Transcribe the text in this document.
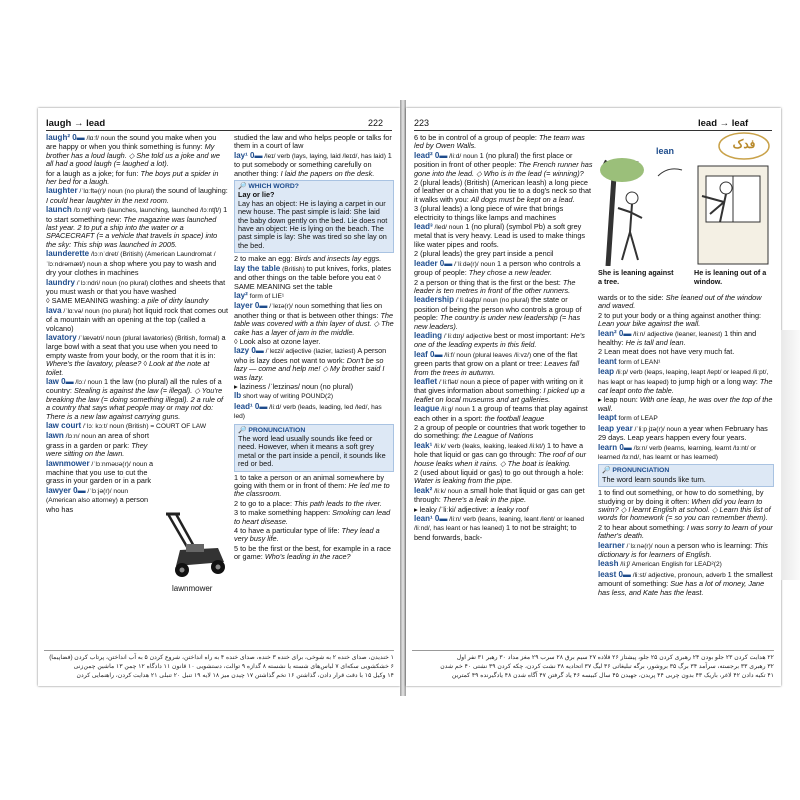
laugh → lead	222

laugh² 0▬ /lɑːf/ noun the sound you make when you are happy or when you think something is funny: My brother has a loud laugh. ◇ She told us a joke and we all had a good laugh (= laughed a lot).

for a laugh as a joke; for fun: The boys put a spider in her bed for a laugh.

laughter /ˈlɑːftə(r)/ noun (no plural) the sound of laughing: I could hear laughter in the next room.

launch /lɔːntʃ/ verb (launches, launching, launched /lɔːntʃt/) 1 to start something new: The magazine was launched last year. 2 to put a ship into the water or a SPACECRAFT (= a vehicle that travels in space) into the sky: This ship was launched in 2005.

launderette /lɔːnˈdret/ (British) (American Laundromat /ˈlɔːndrəmæt/) noun a shop where you pay to wash and dry your clothes in machines

laundry /ˈlɔːndri/ noun (no plural) clothes and sheets that you must wash or that you have washed

◊ SAME MEANING washing: a pile of dirty laundry

lava /ˈlɑːvə/ noun (no plural) hot liquid rock that comes out of a mountain with an opening at the top (called a volcano)

lavatory /ˈlævətri/ noun (plural lavatories) (British, formal) a large bowl with a seat that you use when you need to empty waste from your body, or the room that it is in: Where's the lavatory, please? ◊ Look at the note at toilet.

law 0▬ /lɔː/ noun 1 the law (no plural) all the rules of a country: Stealing is against the law (= illegal). ◇ You're breaking the law (= doing something illegal). 2 a rule of a country that says what people may or may not do: There is a new law against carrying guns.

law court /ˈlɔː kɔːt/ noun (British) = COURT OF LAW

lawn /lɔːn/ noun an area of short grass in a garden or park: They were sitting on the lawn.

lawnmower /ˈlɔːnməʊə(r)/ noun a machine that you use to cut the grass in your garden or in a park

lawyer 0▬ /ˈlɔːjə(r)/ noun (American also attorney) a person who has

lawnmower

studied the law and who helps people or talks for them in a court of law

lay¹ 0▬ /leɪ/ verb (lays, laying, laid /leɪd/, has laid) 1 to put somebody or something carefully on another thing: I laid the papers on the desk.

🔎 WHICH WORD?
Lay or lie?
Lay has an object: He is laying a carpet in our new house. The past simple is laid: She laid the baby down gently on the bed. Lie does not have an object: He is lying on the beach. The past simple is lay: She was tired so she lay on the bed.

2 to make an egg: Birds and insects lay eggs.

lay the table (British) to put knives, forks, plates and other things on the table before you eat ◊ SAME MEANING set the table

lay² form of LIE¹

layer 0▬ /ˈleɪə(r)/ noun something that lies on another thing or that is between other things: The table was covered with a thin layer of dust. ◇ The cake has a layer of jam in the middle.

◊ Look also at ozone layer.

lazy 0▬ /ˈleɪzi/ adjective (lazier, laziest) A person who is lazy does not want to work: Don't be so lazy — come and help me! ◇ My brother said I was lazy.

▸ laziness /ˈleɪzinəs/ noun (no plural)

lb short way of writing POUND(2)

lead¹ 0▬ /liːd/ verb (leads, leading, led /led/, has led)

🔎 PRONUNCIATION
The word lead usually sounds like feed or need. However, when it means a soft grey metal or the part inside a pencil, it sounds like red or bed.

1 to take a person or an animal somewhere by going with them or in front of them: He led me to the classroom.

2 to go to a place: This path leads to the river.

3 to make something happen: Smoking can lead to heart disease.

4 to have a particular type of life: They lead a very busy life.

5 to be the first or the best, for example in a race or game: Who's leading in the race?

۱ خندیدن، صدای خنده ۲ به شوخی، برای خنده ۳ خنده، صدای خنده ۴ به راه انداختن، شروع کردن ۵ به آب انداختن، پرتاب کردن (فضاپیما)
۶ خشکشویی سکه‌ای ۷ لباس‌های شسته یا نشسته ۸ گدازه ۹ توالت، دستشویی ۱۰ قانون ۱۱ دادگاه ۱۲ چمن ۱۳ ماشین چمن‌زنی
۱۴ وکیل ۱۵ با دقت قرار دادن، گذاشتن ۱۶ تخم گذاشتن ۱۷ چیدن میز ۱۸ لایه ۱۹ تنبل ۲۰ تنبلی ۲۱ هدایت کردن، راهنمایی کردن
223	lead → leaf

6 to be in control of a group of people: The team was led by Owen Walls.

lead² 0▬ /liːd/ noun 1 (no plural) the first place or position in front of other people: The French runner has gone into the lead. ◇ Who is in the lead (= winning)?

2 (plural leads) (British) (American leash) a long piece of leather or a chain that you tie to a dog's neck so that it walks with you: All dogs must be kept on a lead.

3 (plural leads) a long piece of wire that brings electricity to things like lamps and machines

lead³ /led/ noun 1 (no plural) (symbol Pb) a soft grey metal that is very heavy. Lead is used to make things like water pipes and roofs.

2 (plural leads) the grey part inside a pencil

leader 0▬ /ˈliːdə(r)/ noun 1 a person who controls a group of people: They chose a new leader.

2 a person or thing that is the first or the best: The leader is ten metres in front of the other runners.

leadership /ˈliːdəʃɪp/ noun (no plural) the state or position of being the person who controls a group of people: The country is under new leadership (= has new leaders).

leading /ˈliːdɪŋ/ adjective best or most important: He's one of the leading experts in this field.

leaf 0▬ /liːf/ noun (plural leaves /liːvz/) one of the flat green parts that grow on a plant or tree: Leaves fall from the trees in autumn.

leaflet /ˈliːflət/ noun a piece of paper with writing on it that gives information about something: I picked up a leaflet on local museums and art galleries.

league /liːɡ/ noun 1 a group of teams that play against each other in a sport: the football league

2 a group of people or countries that work together to do something: the League of Nations

leak¹ /liːk/ verb (leaks, leaking, leaked /liːkt/) 1 to have a hole that liquid or gas can go through: The roof of our house leaks when it rains. ◇ The boat is leaking.

2 (used about liquid or gas) to go out through a hole: Water is leaking from the pipe.

leak² /liːk/ noun a small hole that liquid or gas can get through: There's a leak in the pipe.

▸ leaky /ˈliːki/ adjective: a leaky roof

lean¹ 0▬ /liːn/ verb (leans, leaning, leant /lent/ or leaned /liːnd/, has leant or has leaned) 1 to not be straight; to bend forwards, back-

lean
She is leaning against a tree.
He is leaning out of a window.

wards or to the side: She leaned out of the window and waved.

2 to put your body or a thing against another thing: Lean your bike against the wall.

lean² 0▬ /liːn/ adjective (leaner, leanest) 1 thin and healthy: He is tall and lean.

2 Lean meat does not have very much fat.

leant form of LEAN¹

leap /liːp/ verb (leaps, leaping, leapt /lept/ or leaped /liːpt/, has leapt or has leaped) to jump high or a long way: The cat leapt onto the table.

▸ leap noun: With one leap, he was over the top of the wall.

leapt form of LEAP

leap year /ˈliːp jɪə(r)/ noun a year when February has 29 days. Leap years happen every four years.

learn 0▬ /lɜːn/ verb (learns, learning, learnt /lɜːnt/ or learned /lɜːnd/, has learnt or has learned)

🔎 PRONUNCIATION
The word learn sounds like turn.

1 to find out something, or how to do something, by studying or by doing it often: When did you learn to swim? ◇ I learnt English at school. ◇ Learn this list of words for homework (= so you can remember them).

2 to hear about something: I was sorry to learn of your father's death.

learner /ˈlɜːnə(r)/ noun a person who is learning: This dictionary is for learners of English.

leash /liːʃ/ American English for LEAD²(2)

least 0▬ /liːst/ adjective, pronoun, adverb 1 the smallest amount of something: Sue has a lot of money, Jane has less, and Kate has the least.

۲۲ هدایت کردن ۲۳ جلو بودن ۲۴ رهبری کردن ۲۵ جلو، پیشتاز ۲۶ قلاده ۲۷ سیم برق ۲۸ سرب ۲۹ مغز مداد ۳۰ رهبر ۳۱ نفر اول
۳۲ رهبری ۳۳ برجسته، سرآمد ۳۴ برگ ۳۵ بروشور، برگه تبلیغاتی ۳۶ لیگ ۳۷ اتحادیه ۳۸ نشت کردن، چکه کردن ۳۹ نشتی ۴۰ خم شدن
۴۱ تکیه دادن ۴۲ لاغر، باریک ۴۳ بدون چربی ۴۴ پریدن، جهیدن ۴۵ سال کبیسه ۴۶ یاد گرفتن ۴۷ آگاه شدن ۴۸ یادگیرنده ۴۹ کمترین
فدک
